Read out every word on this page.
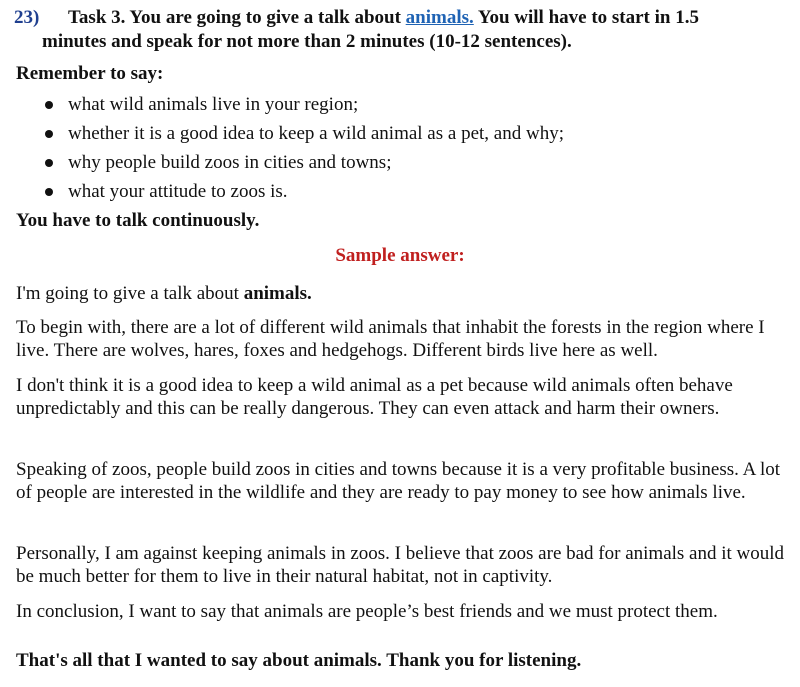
23) Task 3. You are going to give a talk about animals. You will have to start in 1.5
minutes and speak for not more than 2 minutes (10-12 sentences).
Remember to say:
what wild animals live in your region;
whether it is a good idea to keep a wild animal as a pet, and why;
why people build zoos in cities and towns;
what your attitude to zoos is.
You have to talk continuously.
Sample answer:

I'm going to give a talk about animals.

To begin with, there are a lot of different wild animals that inhabit the forests in the region where I live. There are wolves, hares, foxes and hedgehogs. Different birds live here as well.

I don't think it is a good idea to keep a wild animal as a pet because wild animals often behave unpredictably and this can be really dangerous. They can even attack and harm their owners.

Speaking of zoos, people build zoos in cities and towns because it is a very profitable business. A lot of people are interested in the wildlife and they are ready to pay money to see how animals live.

Personally, I am against keeping animals in zoos. I believe that zoos are bad for animals and it would be much better for them to live in their natural habitat, not in captivity.

In conclusion, I want to say that animals are people’s best friends and we must protect them.

That's all that I wanted to say about animals. Thank you for listening.
